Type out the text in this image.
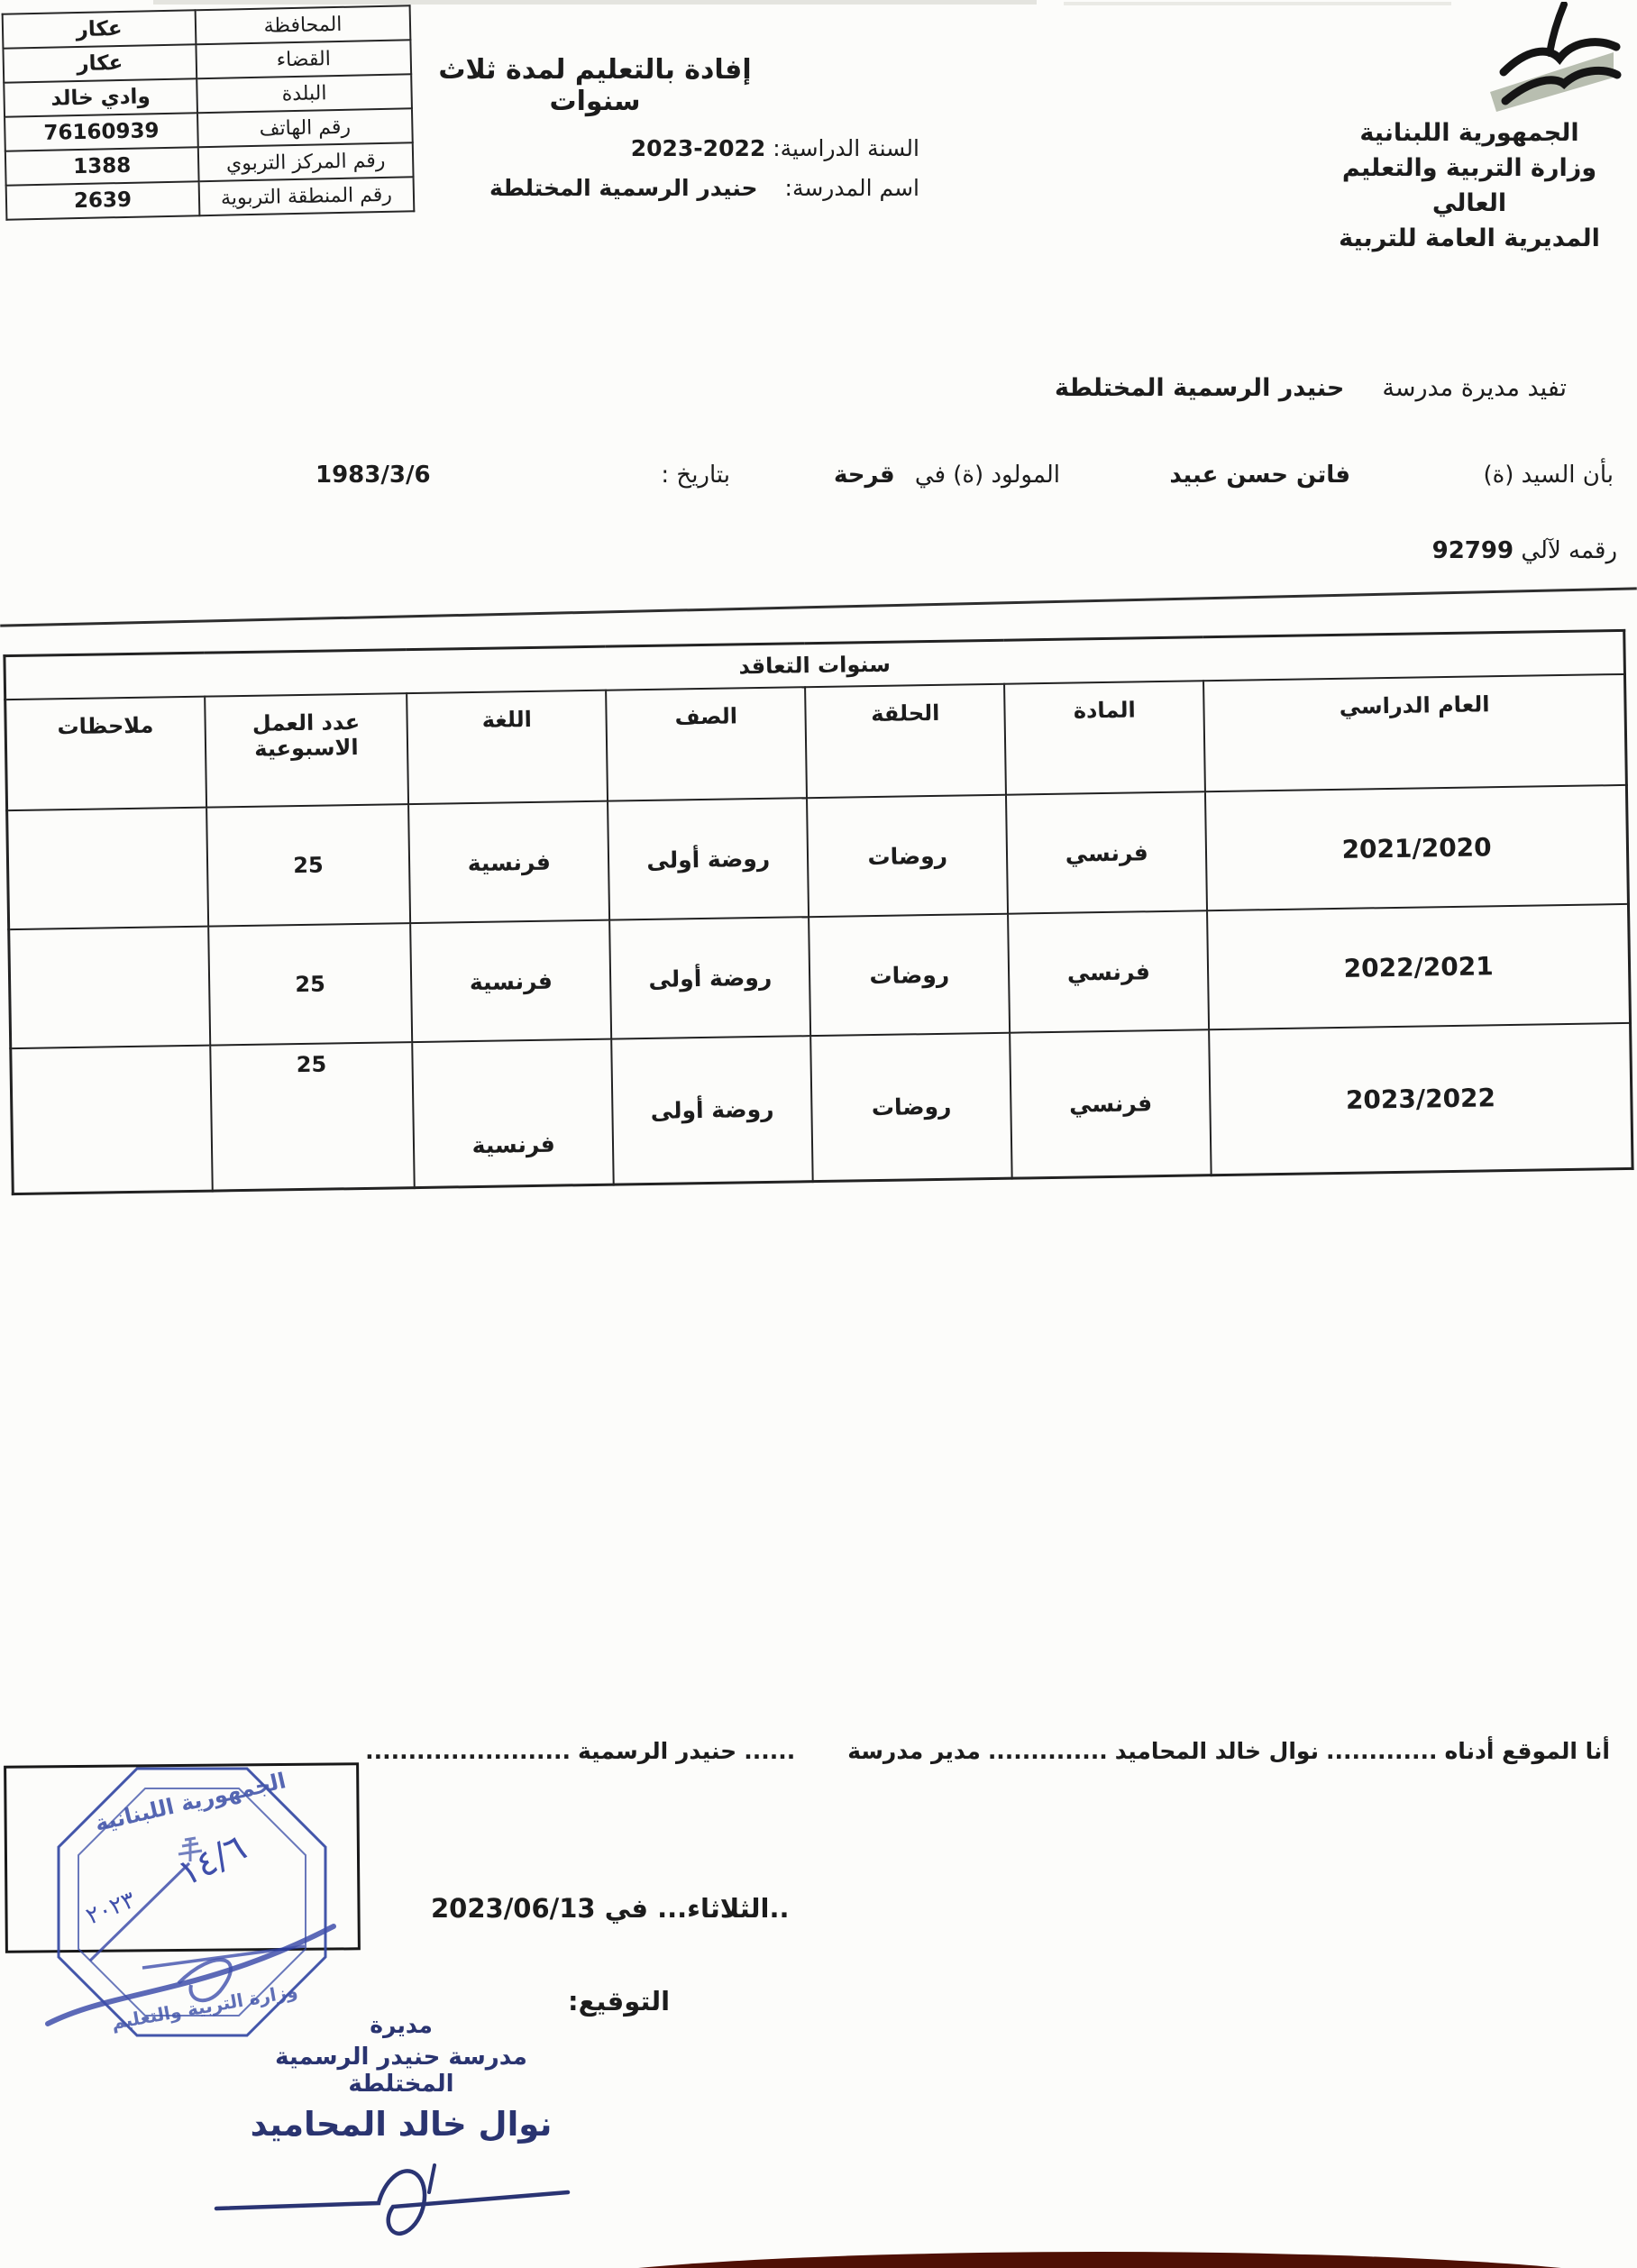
عكار	المحافظة
عكار	القضاء
وادي خالد	البلدة
76160939	رقم الهاتف
1388	رقم المركز التربوي
2639	رقم المنطقة التربوية
الجمهورية اللبنانية
وزارة التربية والتعليم العالي
المديرية العامة للتربية
إفادة بالتعليم لمدة ثلاث سنوات
السنة الدراسية: 2023-2022
اسم المدرسة: حنيدر الرسمية المختلطة
تفيد مديرة مدرسة
حنيدر الرسمية المختلطة
بأن السيد (ة)
فاتن حسن عبيد
المولود (ة) في قرحة
بتاريخ :
1983/3/6
رقمه لآلي 92799
سنوات التعاقد						
العام الدراسي	المادة	الحلقة	الصف	اللغة	عدد العمل الاسبوعية	ملاحظات
2021/2020	فرنسي	روضات	روضة أولى	فرنسية	25	
2022/2021	فرنسي	روضات	روضة أولى	فرنسية	25	
2023/2022	فرنسي	روضات	روضة أولى	فرنسية	25	
أنا الموقع أدناه.............نوال خالد المحاميد..............مدير مدرسة......حنيدر الرسمية........................
الجمهورية اللبنانية
وزارة التربية والتعليم
١٤/٦
٢٠٢٣	..الثلاثاء... في 2023/06/13
التوقيع:
مديرة
مدرسة حنيدر الرسمية المختلطة
نوال خالد المحاميد
